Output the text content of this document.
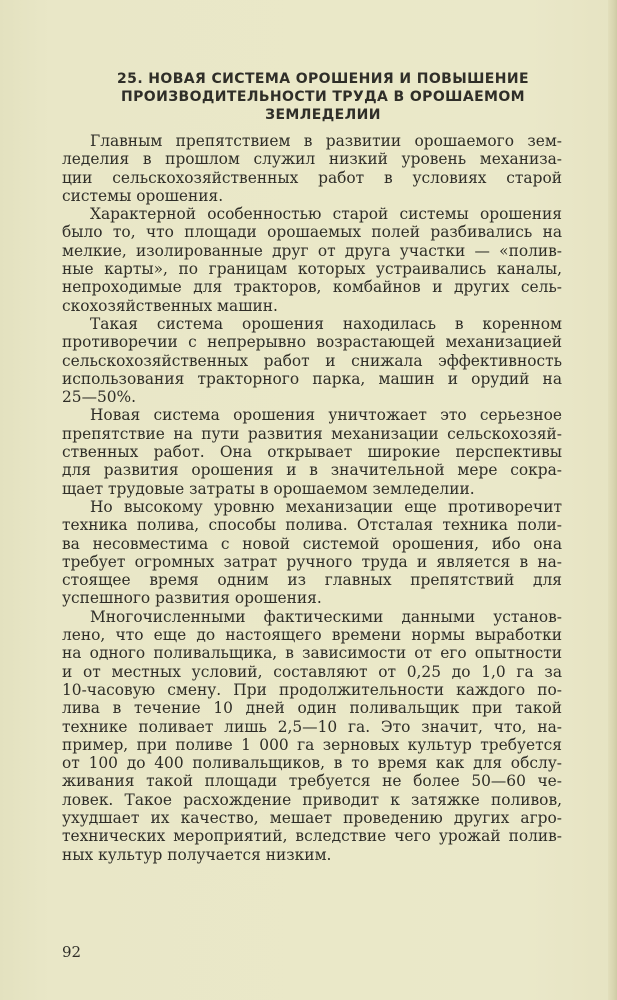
25. НОВАЯ СИСТЕМА ОРОШЕНИЯ И ПОВЫШЕНИЕ
ПРОИЗВОДИТЕЛЬНОСТИ ТРУДА В ОРОШАЕМОМ
ЗЕМЛЕДЕЛИИ
Главным препятствием в развитии орошаемого зем-
леделия в прошлом служил низкий уровень механиза-
ции сельскохозяйственных работ в условиях старой
системы орошения.
Характерной особенностью старой системы орошения
было то, что площади орошаемых полей разбивались на
мелкие, изолированные друг от друга участки — «полив-
ные карты», по границам которых устраивались каналы,
непроходимые для тракторов, комбайнов и других сель-
скохозяйственных машин.
Такая система орошения находилась в коренном
противоречии с непрерывно возрастающей механизацией
сельскохозяйственных работ и снижала эффективность
использования тракторного парка, машин и орудий на
25—50%.
Новая система орошения уничтожает это серьезное
препятствие на пути развития механизации сельскохозяй-
ственных работ. Она открывает широкие перспективы
для развития орошения и в значительной мере сокра-
щает трудовые затраты в орошаемом земледелии.
Но высокому уровню механизации еще противоречит
техника полива, способы полива. Отсталая техника поли-
ва несовместима с новой системой орошения, ибо она
требует огромных затрат ручного труда и является в на-
стоящее время одним из главных препятствий для
успешного развития орошения.
Многочисленными фактическими данными установ-
лено, что еще до настоящего времени нормы выработки
на одного поливальщика, в зависимости от его опытности
и от местных условий, составляют от 0,25 до 1,0 га за
10-часовую смену. При продолжительности каждого по-
лива в течение 10 дней один поливальщик при такой
технике поливает лишь 2,5—10 га. Это значит, что, на-
пример, при поливе 1 000 га зерновых культур требуется
от 100 до 400 поливальщиков, в то время как для обслу-
живания такой площади требуется не более 50—60 че-
ловек. Такое расхождение приводит к затяжке поливов,
ухудшает их качество, мешает проведению других агро-
технических мероприятий, вследствие чего урожай полив-
ных культур получается низким.
92
